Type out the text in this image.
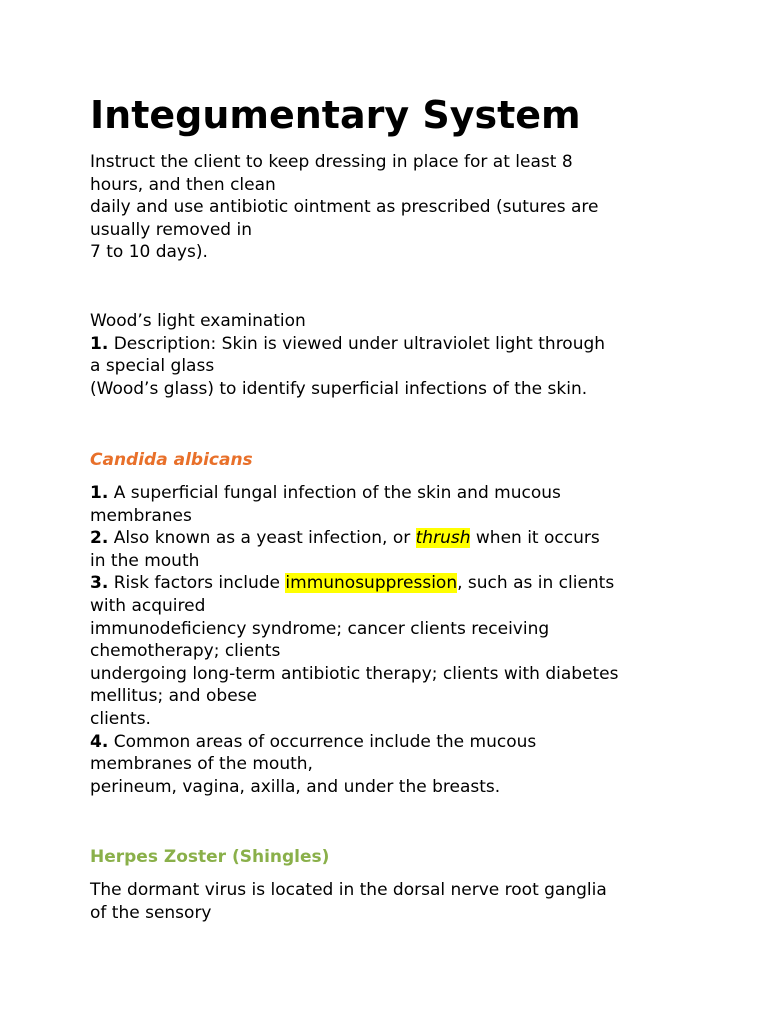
Integumentary System
Instruct the client to keep dressing in place for at least 8
hours, and then clean
daily and use antibiotic ointment as prescribed (sutures are
usually removed in
7 to 10 days).
Wood’s light examination
1. Description: Skin is viewed under ultraviolet light through
a special glass
(Wood’s glass) to identify superficial infections of the skin.
Candida albicans
1. A superficial fungal infection of the skin and mucous
membranes
2. Also known as a yeast infection, or thrush when it occurs
in the mouth
3. Risk factors include immunosuppression, such as in clients
with acquired
immunodeficiency syndrome; cancer clients receiving
chemotherapy; clients
undergoing long-term antibiotic therapy; clients with diabetes
mellitus; and obese
clients.
4. Common areas of occurrence include the mucous
membranes of the mouth,
perineum, vagina, axilla, and under the breasts.
Herpes Zoster (Shingles)
The dormant virus is located in the dorsal nerve root ganglia
of the sensory
